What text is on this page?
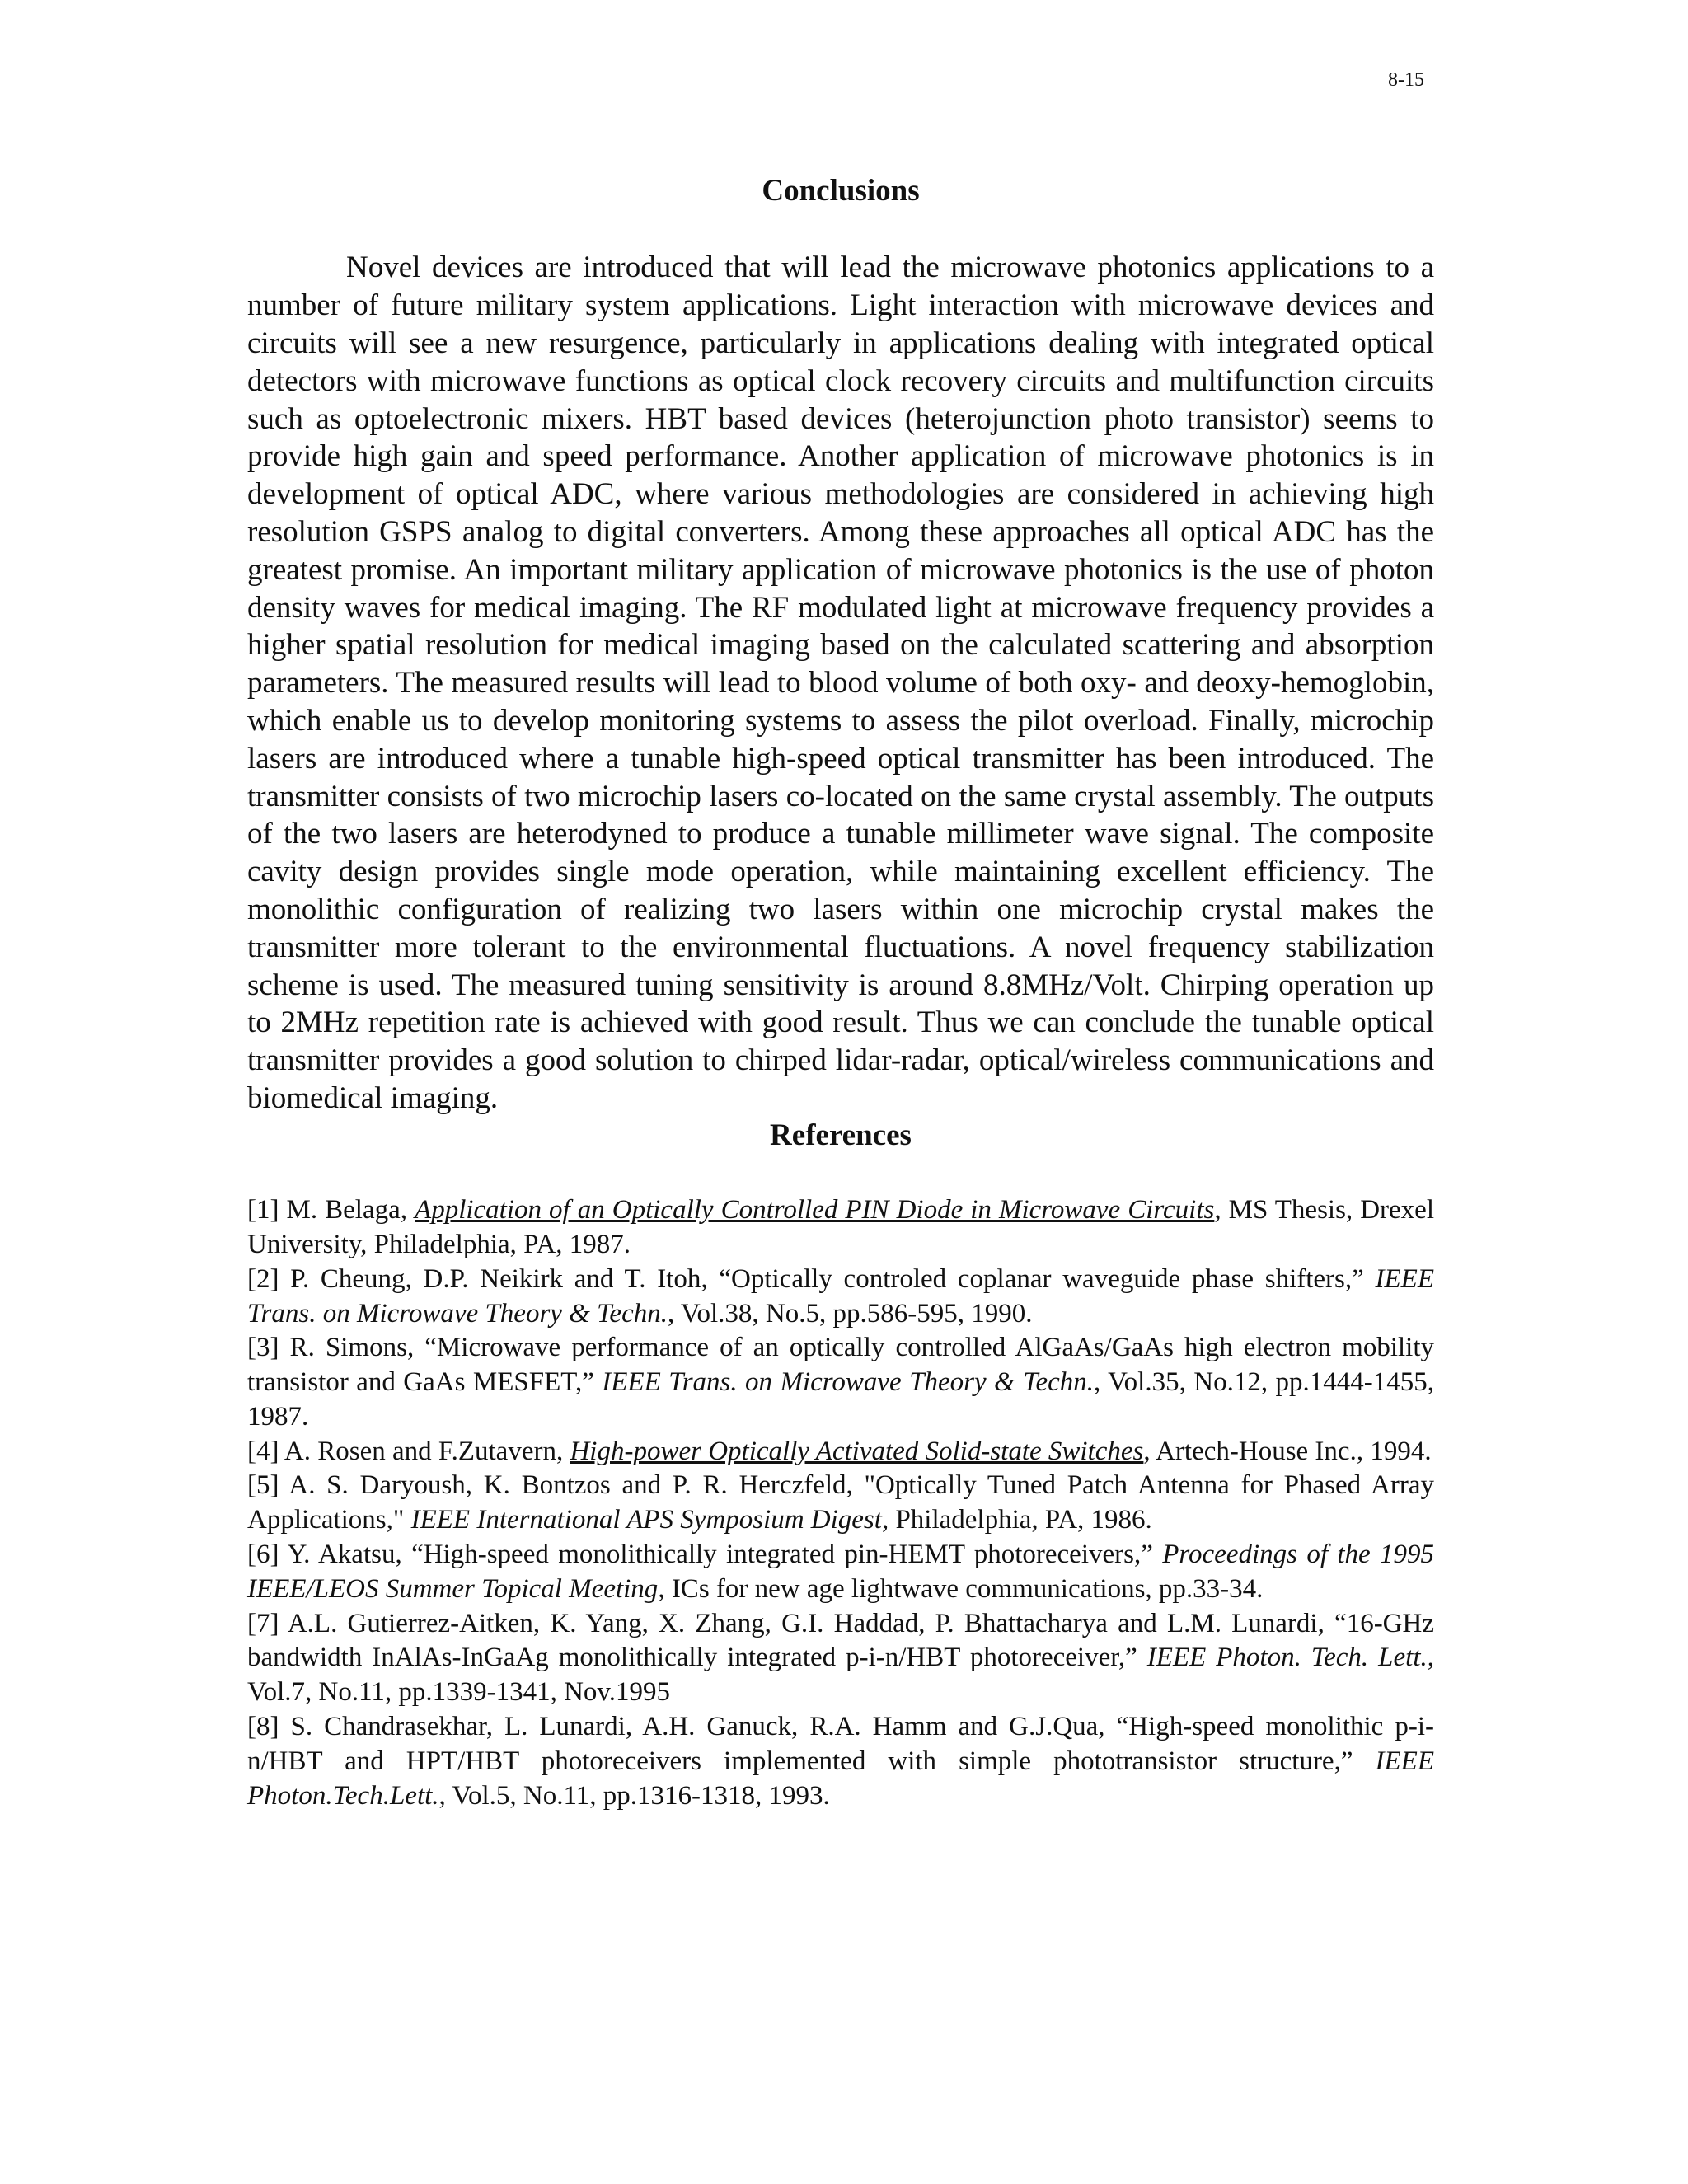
8-15
Conclusions

Novel devices are introduced that will lead the microwave photonics applications to a number of future military system applications. Light interaction with microwave devices and circuits will see a new resurgence, particularly in applications dealing with integrated optical detectors with microwave functions as optical clock recovery circuits and multifunction circuits such as optoelectronic mixers. HBT based devices (heterojunction photo transistor) seems to provide high gain and speed performance. Another application of microwave photonics is in development of optical ADC, where various methodologies are considered in achieving high resolution GSPS analog to digital converters. Among these approaches all optical ADC has the greatest promise. An important military application of microwave photonics is the use of photon density waves for medical imaging. The RF modulated light at microwave frequency provides a higher spatial resolution for medical imaging based on the calculated scattering and absorption parameters. The measured results will lead to blood volume of both oxy- and deoxy-hemoglobin, which enable us to develop monitoring systems to assess the pilot overload. Finally, microchip lasers are introduced where a tunable high-speed optical transmitter has been introduced. The transmitter consists of two microchip lasers co-located on the same crystal assembly. The outputs of the two lasers are heterodyned to produce a tunable millimeter wave signal. The composite cavity design provides single mode operation, while maintaining excellent efficiency. The monolithic configuration of realizing two lasers within one microchip crystal makes the transmitter more tolerant to the environmental fluctuations. A novel frequency stabilization scheme is used. The measured tuning sensitivity is around 8.8MHz/Volt. Chirping operation up to 2MHz repetition rate is achieved with good result. Thus we can conclude the tunable optical transmitter provides a good solution to chirped lidar-radar, optical/wireless communications and biomedical imaging.

References
[1] M. Belaga, Application of an Optically Controlled PIN Diode in Microwave Circuits, MS Thesis, Drexel University, Philadelphia, PA, 1987.
[2] P. Cheung, D.P. Neikirk and T. Itoh, “Optically controled coplanar waveguide phase shifters,” IEEE Trans. on Microwave Theory & Techn., Vol.38, No.5, pp.586-595, 1990.
[3] R. Simons, “Microwave performance of an optically controlled AlGaAs/GaAs high electron mobility transistor and GaAs MESFET,” IEEE Trans. on Microwave Theory & Techn., Vol.35, No.12, pp.1444-1455, 1987.
[4] A. Rosen and F.Zutavern, High-power Optically Activated Solid-state Switches, Artech-House Inc., 1994.
[5] A. S. Daryoush, K. Bontzos and P. R. Herczfeld, "Optically Tuned Patch Antenna for Phased Array Applications," IEEE International APS Symposium Digest, Philadelphia, PA, 1986.
[6] Y. Akatsu, “High-speed monolithically integrated pin-HEMT photoreceivers,” Proceedings of the 1995 IEEE/LEOS Summer Topical Meeting, ICs for new age lightwave communications, pp.33-34.
[7] A.L. Gutierrez-Aitken, K. Yang, X. Zhang, G.I. Haddad, P. Bhattacharya and L.M. Lunardi, “16-GHz bandwidth InAlAs-InGaAg monolithically integrated p-i-n/HBT photoreceiver,” IEEE Photon. Tech. Lett., Vol.7, No.11, pp.1339-1341, Nov.1995
[8] S. Chandrasekhar, L. Lunardi, A.H. Ganuck, R.A. Hamm and G.J.Qua, “High-speed monolithic p-i-n/HBT and HPT/HBT photoreceivers implemented with simple phototransistor structure,” IEEE Photon.Tech.Lett., Vol.5, No.11, pp.1316-1318, 1993.
